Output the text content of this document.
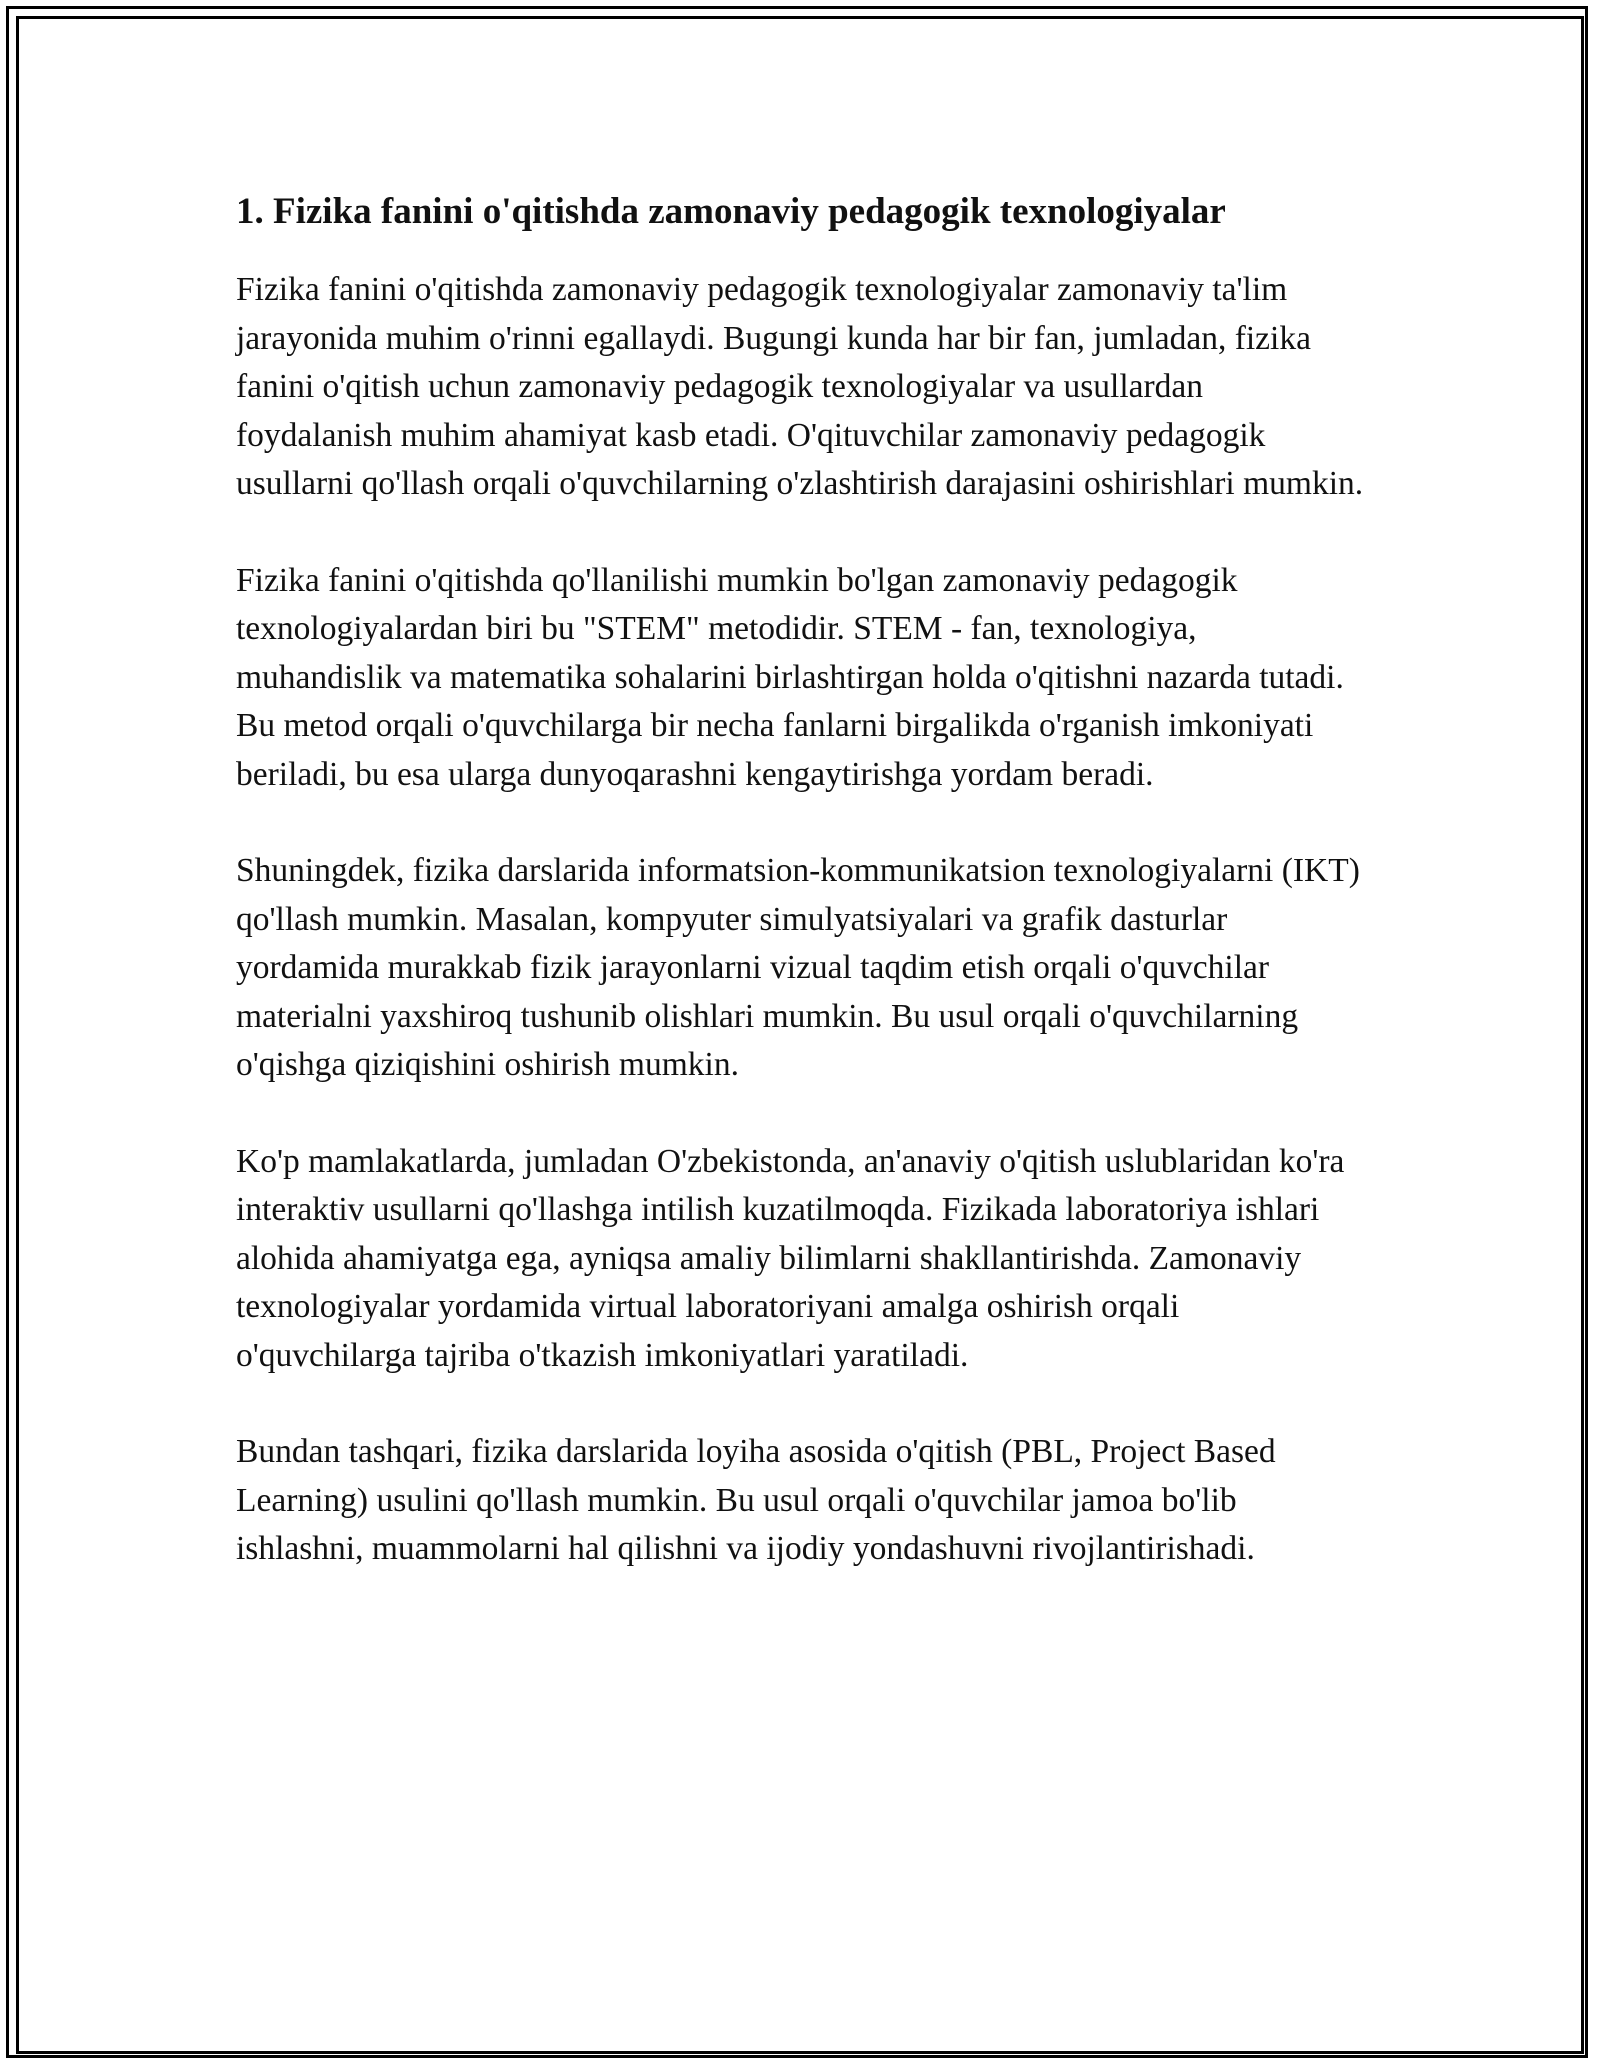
1. Fizika fanini o'qitishda zamonaviy pedagogik texnologiyalar

Fizika fanini o'qitishda zamonaviy pedagogik texnologiyalar zamonaviy ta'lim jarayonida muhim o'rinni egallaydi. Bugungi kunda har bir fan, jumladan, fizika fanini o'qitish uchun zamonaviy pedagogik texnologiyalar va usullardan foydalanish muhim ahamiyat kasb etadi. O'qituvchilar zamonaviy pedagogik usullarni qo'llash orqali o'quvchilarning o'zlashtirish darajasini oshirishlari mumkin.

Fizika fanini o'qitishda qo'llanilishi mumkin bo'lgan zamonaviy pedagogik texnologiyalardan biri bu "STEM" metodidir. STEM - fan, texnologiya, muhandislik va matematika sohalarini birlashtirgan holda o'qitishni nazarda tutadi. Bu metod orqali o'quvchilarga bir necha fanlarni birgalikda o'rganish imkoniyati beriladi, bu esa ularga dunyoqarashni kengaytirishga yordam beradi.

Shuningdek, fizika darslarida informatsion-kommunikatsion texnologiyalarni (IKT) qo'llash mumkin. Masalan, kompyuter simulyatsiyalari va grafik dasturlar yordamida murakkab fizik jarayonlarni vizual taqdim etish orqali o'quvchilar materialni yaxshiroq tushunib olishlari mumkin. Bu usul orqali o'quvchilarning o'qishga qiziqishini oshirish mumkin.

Ko'p mamlakatlarda, jumladan O'zbekistonda, an'anaviy o'qitish uslublaridan ko'ra interaktiv usullarni qo'llashga intilish kuzatilmoqda. Fizikada laboratoriya ishlari alohida ahamiyatga ega, ayniqsa amaliy bilimlarni shakllantirishda. Zamonaviy texnologiyalar yordamida virtual laboratoriyani amalga oshirish orqali o'quvchilarga tajriba o'tkazish imkoniyatlari yaratiladi.

Bundan tashqari, fizika darslarida loyiha asosida o'qitish (PBL, Project Based Learning) usulini qo'llash mumkin. Bu usul orqali o'quvchilar jamoa bo'lib ishlashni, muammolarni hal qilishni va ijodiy yondashuvni rivojlantirishadi.
